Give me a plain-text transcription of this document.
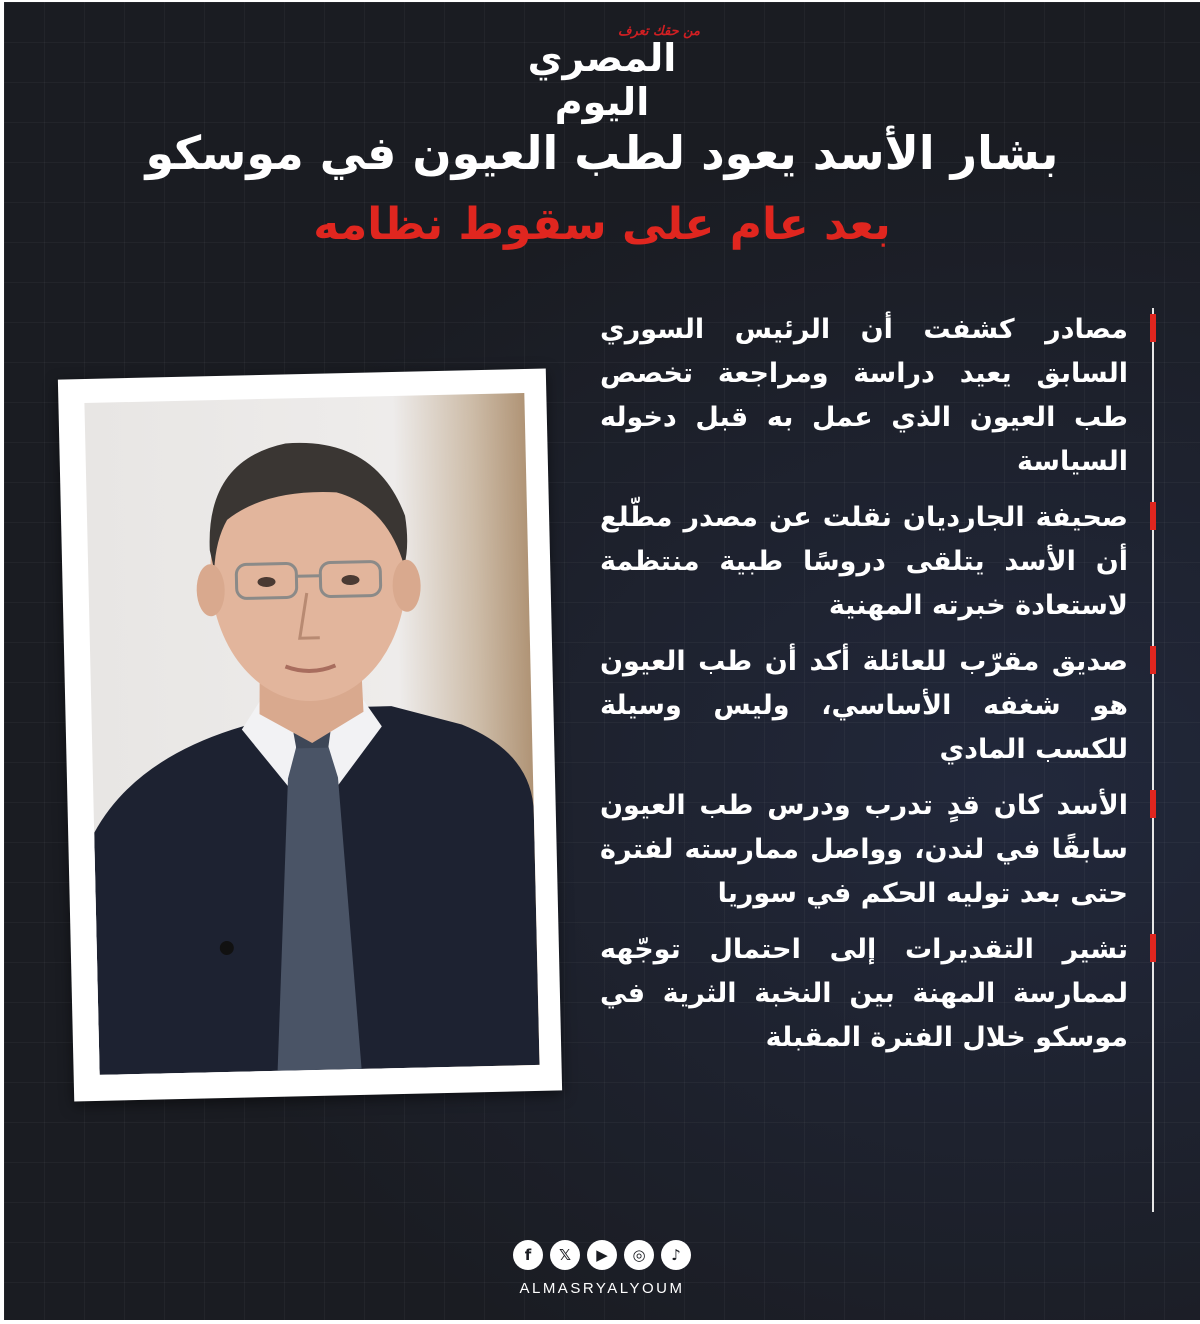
من حقك تعرف
المصري اليوم
بشار الأسد يعود لطب العيون في موسكو
بعد عام على سقوط نظامه
مصادر كشفت أن الرئيس السوري السابق يعيد دراسة ومراجعة تخصص طب العيون الذي عمل به قبل دخوله السياسة
صحيفة الجارديان نقلت عن مصدر مطّلع أن الأسد يتلقى دروسًا طبية منتظمة لاستعادة خبرته المهنية
صديق مقرّب للعائلة أكد أن طب العيون هو شغفه الأساسي، وليس وسيلة للكسب المادي
الأسد كان قدٍ تدرب ودرس طب العيون سابقًا في لندن، وواصل ممارسته لفترة حتى بعد توليه الحكم في سوريا
تشير التقديرات إلى احتمال توجّهه لممارسة المهنة بين النخبة الثرية في موسكو خلال الفترة المقبلة
f	𝕏	▶	◎	♪
ALMASRYALYOUM
